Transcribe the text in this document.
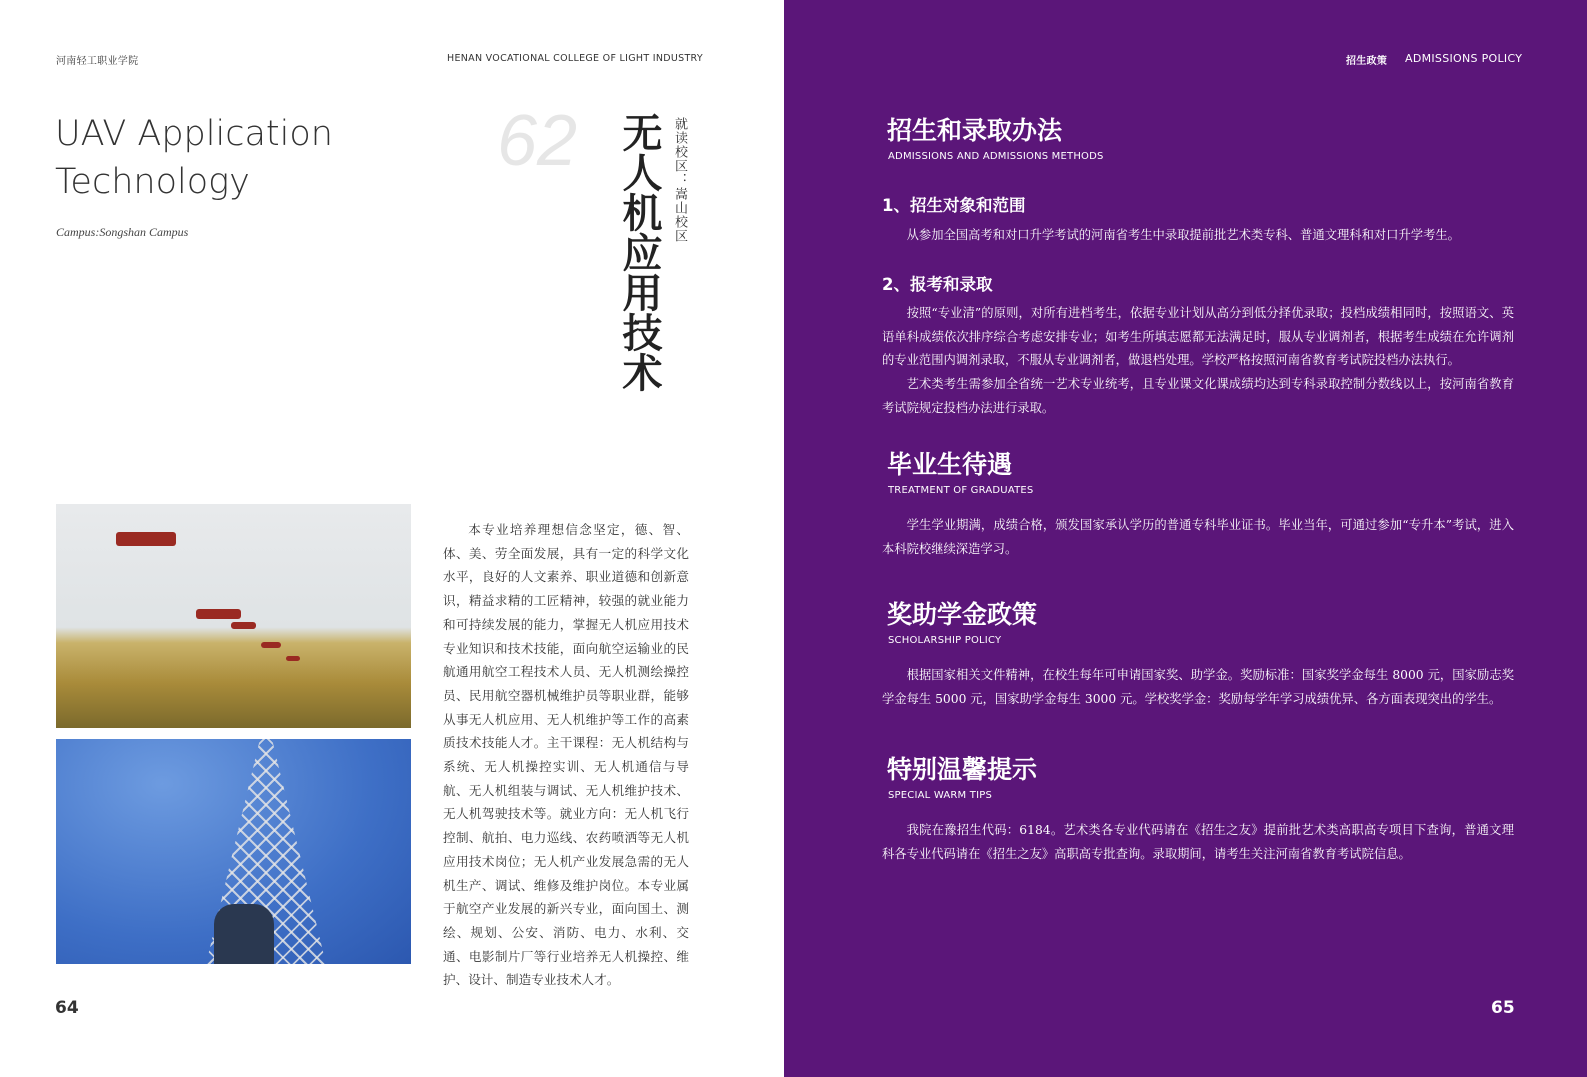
河南轻工职业学院	HENAN VOCATIONAL COLLEGE OF LIGHT INDUSTRY
UAV Application
Technology
Campus:Songshan Campus
62 无人机应用技术 就读校区：嵩山校区
本专业培养理想信念坚定，德、智、体、美、劳全面发展，具有一定的科学文化水平，良好的人文素养、职业道德和创新意识，精益求精的工匠精神，较强的就业能力和可持续发展的能力，掌握无人机应用技术专业知识和技术技能，面向航空运输业的民航通用航空工程技术人员、无人机测绘操控员、民用航空器机械维护员等职业群，能够从事无人机应用、无人机维护等工作的高素质技术技能人才。主干课程：无人机结构与系统、无人机操控实训、无人机通信与导航、无人机组装与调试、无人机维护技术、无人机驾驶技术等。就业方向：无人机飞行控制、航拍、电力巡线、农药喷洒等无人机应用技术岗位；无人机产业发展急需的无人机生产、调试、维修及维护岗位。本专业属于航空产业发展的新兴专业，面向国土、测绘、规划、公安、消防、电力、水利、交通、电影制片厂等行业培养无人机操控、维护、设计、制造专业技术人才。
64
招生政策 ADMISSIONS POLICY
招生和录取办法
ADMISSIONS AND ADMISSIONS METHODS
1、招生对象和范围
从参加全国高考和对口升学考试的河南省考生中录取提前批艺术类专科、普通文理科和对口升学考生。
2、报考和录取
按照“专业清”的原则，对所有进档考生，依据专业计划从高分到低分择优录取；投档成绩相同时，按照语文、英语单科成绩依次排序综合考虑安排专业；如考生所填志愿都无法满足时，服从专业调剂者，根据考生成绩在允许调剂的专业范围内调剂录取，不服从专业调剂者，做退档处理。学校严格按照河南省教育考试院投档办法执行。
艺术类考生需参加全省统一艺术专业统考，且专业课文化课成绩均达到专科录取控制分数线以上，按河南省教育考试院规定投档办法进行录取。
毕业生待遇
TREATMENT OF GRADUATES
学生学业期满，成绩合格，颁发国家承认学历的普通专科毕业证书。毕业当年，可通过参加“专升本”考试，进入本科院校继续深造学习。
奖助学金政策
SCHOLARSHIP POLICY
根据国家相关文件精神，在校生每年可申请国家奖、助学金。奖励标准：国家奖学金每生 8000 元，国家励志奖学金每生 5000 元，国家助学金每生 3000 元。学校奖学金：奖励每学年学习成绩优异、各方面表现突出的学生。
特别温馨提示
SPECIAL WARM TIPS
我院在豫招生代码：6184。艺术类各专业代码请在《招生之友》提前批艺术类高职高专项目下查询，普通文理科各专业代码请在《招生之友》高职高专批查询。录取期间，请考生关注河南省教育考试院信息。
65
